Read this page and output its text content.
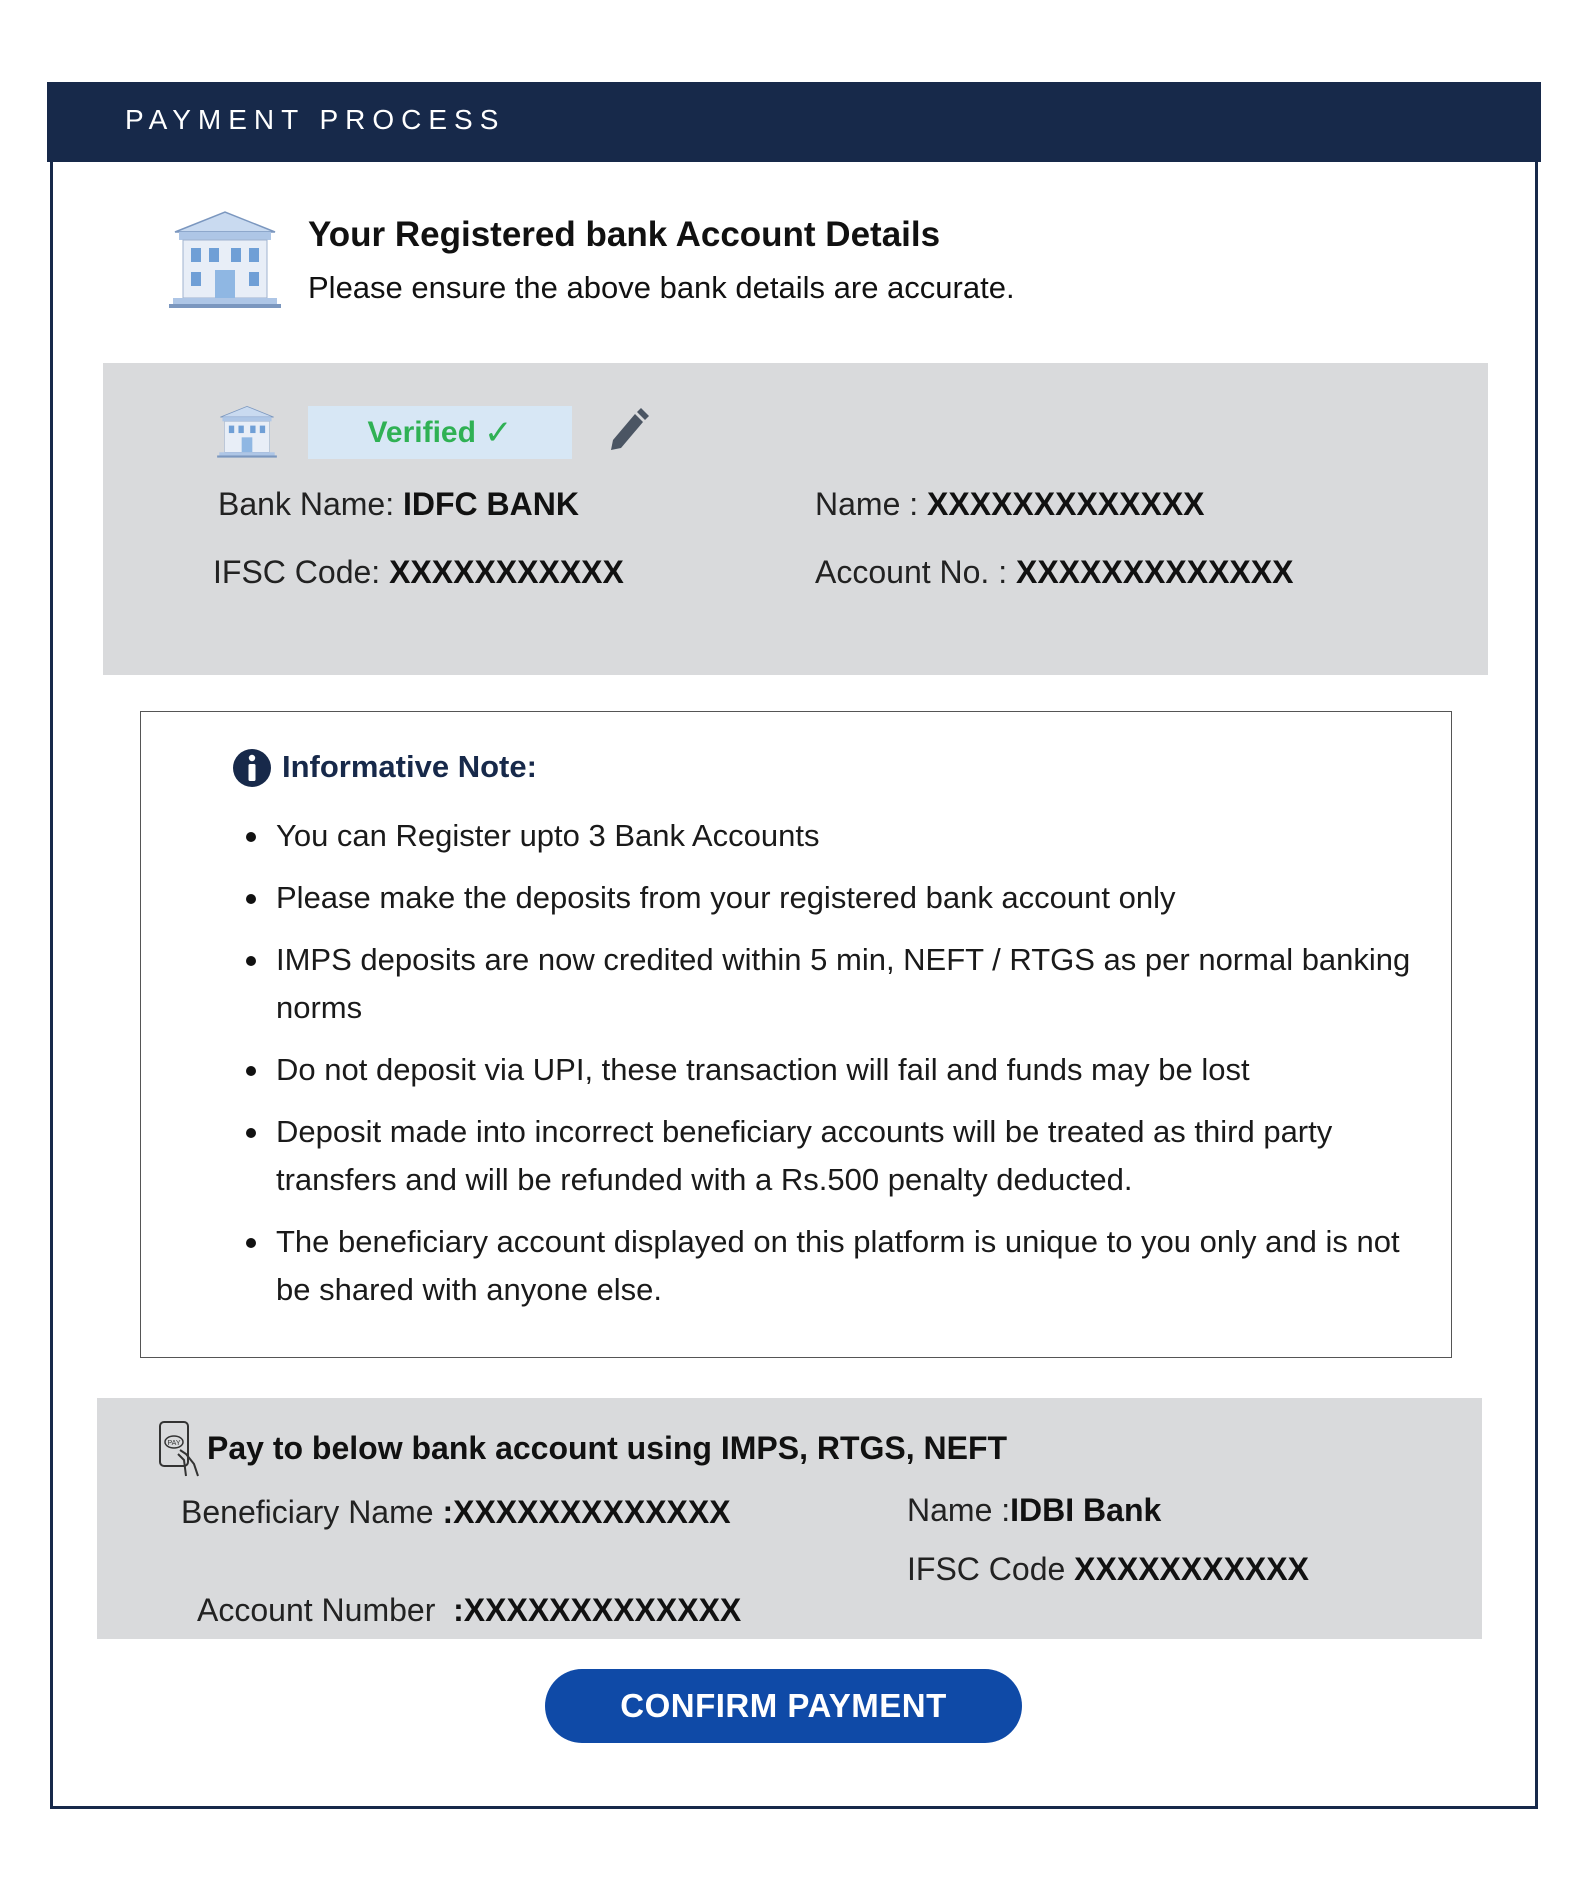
PAYMENT PROCESS
Your Registered bank Account Details
Please ensure the above bank details are accurate.
Verified ✓
Bank Name: IDFC BANK
IFSC Code: XXXXXXXXXXX
Name : XXXXXXXXXXXXX
Account No. : XXXXXXXXXXXXX
Informative Note:
You can Register upto 3 Bank Accounts
Please make the deposits from your registered bank account only
IMPS deposits are now credited within 5 min, NEFT / RTGS as per normal banking norms
Do not deposit via UPI, these transaction will fail and funds may be lost
Deposit made into incorrect beneficiary accounts will be treated as third party transfers and will be refunded with a Rs.500 penalty deducted.
The beneficiary account displayed on this platform is unique to you only and is not be shared with anyone else.
PAY Pay to below bank account using IMPS, RTGS, NEFT
Beneficiary Name :XXXXXXXXXXXXX

Account Number  :XXXXXXXXXXXXX

Name :IDBI Bank
IFSC Code XXXXXXXXXXX
CONFIRM PAYMENT
